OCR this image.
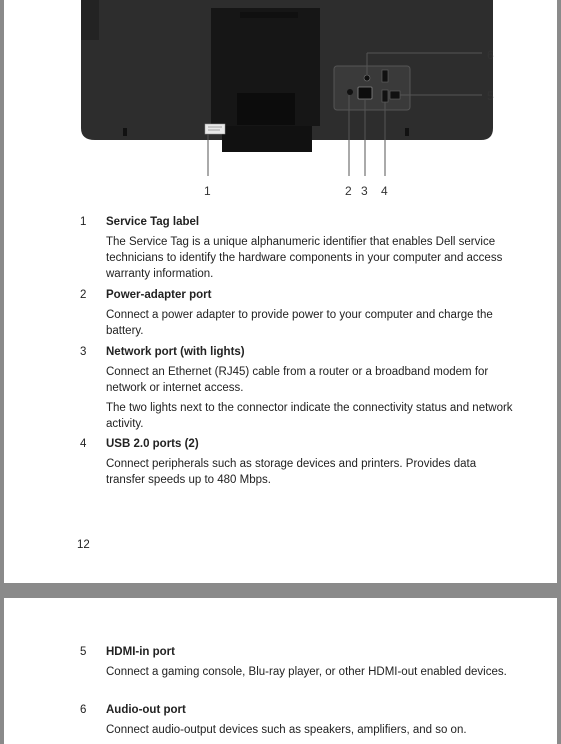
1	2 3 4
5
6
1	Service Tag label

The Service Tag is a unique alphanumeric identifier that enables Dell service technicians to identify the hardware components in your computer and access warranty information.

2	Power-adapter port

Connect a power adapter to provide power to your computer and charge the battery.

3	Network port (with lights)

Connect an Ethernet (RJ45) cable from a router or a broadband modem for network or internet access.

The two lights next to the connector indicate the connectivity status and network activity.

4	USB 2.0 ports (2)

Connect peripherals such as storage devices and printers. Provides data transfer speeds up to 480 Mbps.

12
5	HDMI-in port

Connect a gaming console, Blu-ray player, or other HDMI-out enabled devices.

6	Audio-out port

Connect audio-output devices such as speakers, amplifiers, and so on.
